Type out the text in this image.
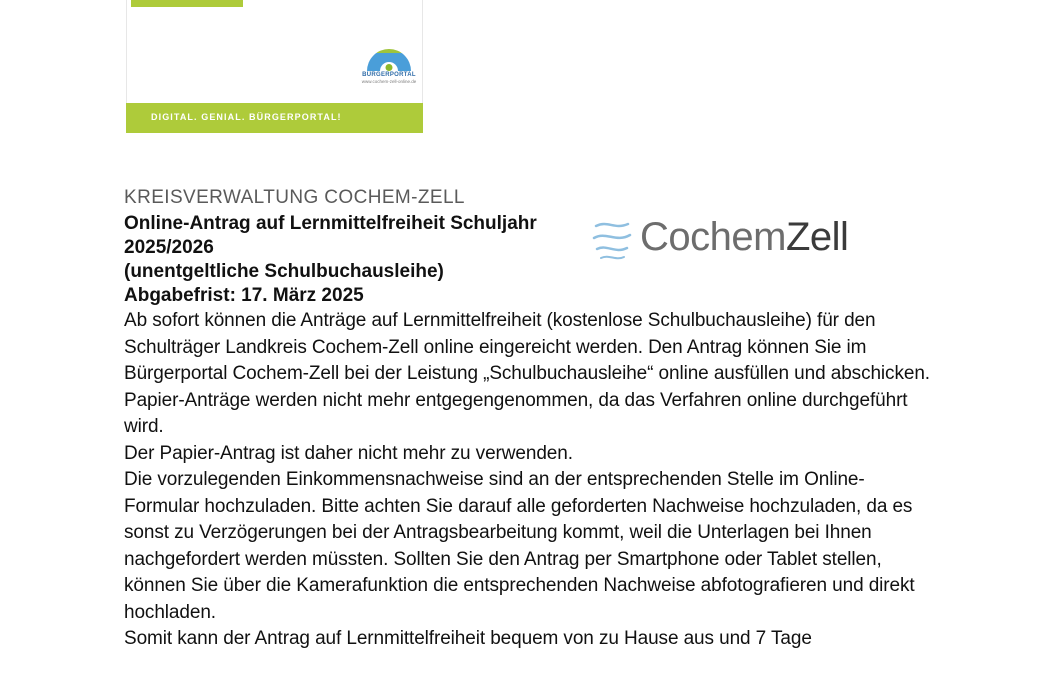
BÜRGERPORTAL
www.cochem-zell-online.de
DIGITAL. GENIAL. BÜRGERPORTAL!
CochemZell

KREISVERWALTUNG COCHEM-ZELL

Online-Antrag auf Lernmittelfreiheit Schuljahr
2025/2026
(unentgeltliche Schulbuchausleihe)
Abgabefrist: 17. März 2025

Ab sofort können die Anträge auf Lernmittelfreiheit (kostenlose Schulbuchausleihe) für den Schulträger Landkreis Cochem-Zell online eingereicht werden. Den Antrag können Sie im Bürgerportal Cochem-Zell bei der Leistung „Schulbuchausleihe“ online ausfüllen und abschicken.

Papier-Anträge werden nicht mehr entgegengenommen, da das Verfahren online durchgeführt wird.

Der Papier-Antrag ist daher nicht mehr zu verwenden.

Die vorzulegenden Einkommensnachweise sind an der entsprechenden Stelle im Online-Formular hochzuladen. Bitte achten Sie darauf alle geforderten Nachweise hochzuladen, da es sonst zu Verzögerungen bei der Antragsbearbeitung kommt, weil die Unterlagen bei Ihnen nachgefordert werden müssten. Sollten Sie den Antrag per Smartphone oder Tablet stellen, können Sie über die Kamerafunktion die entsprechenden Nachweise abfotografieren und direkt hochladen.

Somit kann der Antrag auf Lernmittelfreiheit bequem von zu Hause aus und 7 Tage
